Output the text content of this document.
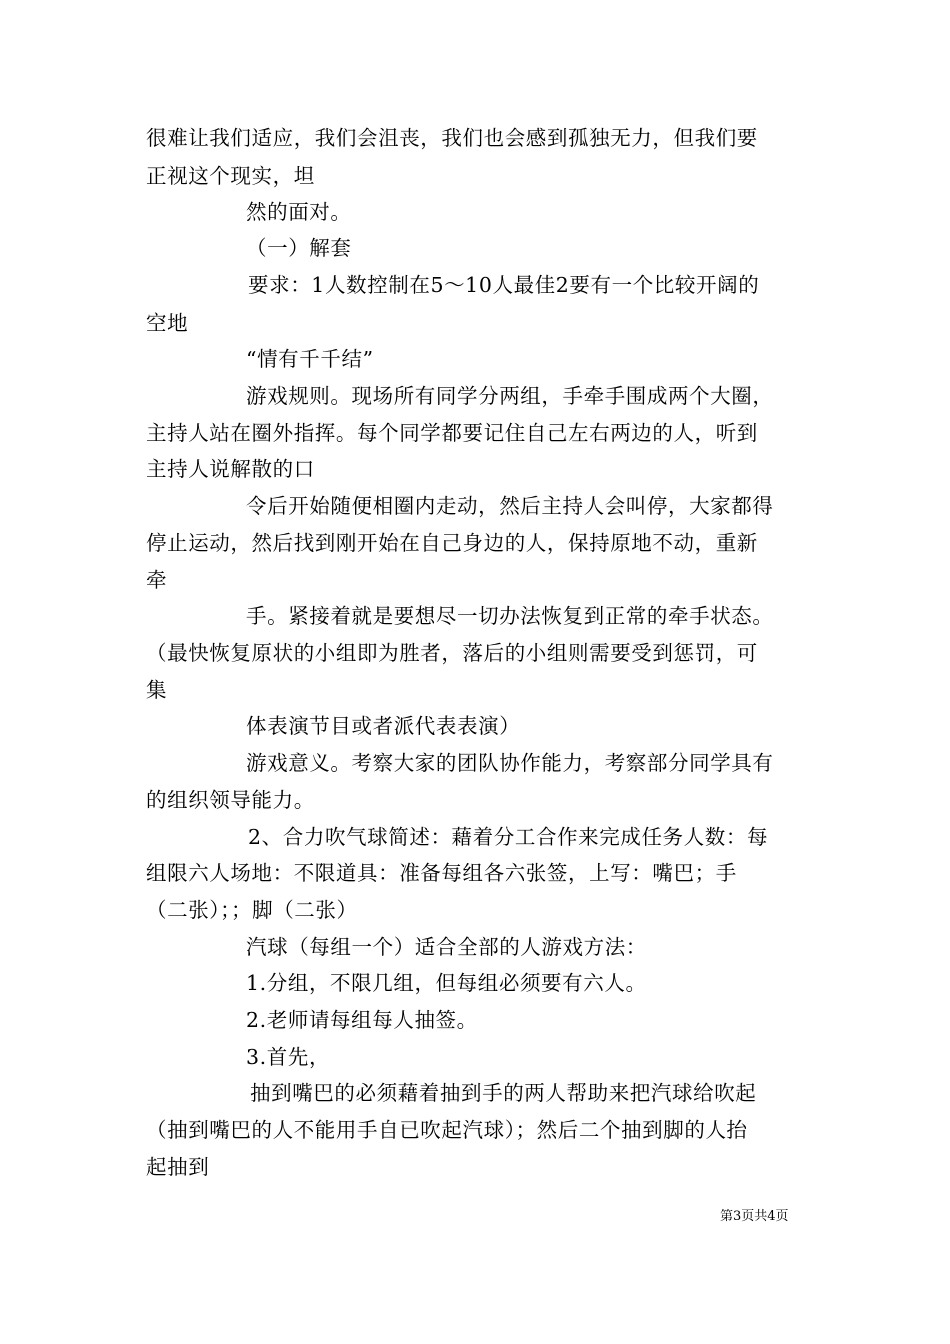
很难让我们适应，我们会沮丧，我们也会感到孤独无力，但我们要
正视这个现实，坦
然的面对。
（一）解套
要求：1人数控制在5～10人最佳2要有一个比较开阔的
空地
“情有千千结”
游戏规则。现场所有同学分两组，手牵手围成两个大圈，
主持人站在圈外指挥。每个同学都要记住自己左右两边的人，听到
主持人说解散的口
令后开始随便相圈内走动，然后主持人会叫停，大家都得
停止运动，然后找到刚开始在自己身边的人，保持原地不动，重新
牵
手。紧接着就是要想尽一切办法恢复到正常的牵手状态。
（最快恢复原状的小组即为胜者，落后的小组则需要受到惩罚，可
集
体表演节目或者派代表表演）
游戏意义。考察大家的团队协作能力，考察部分同学具有
的组织领导能力。
2、合力吹气球简述：藉着分工合作来完成任务人数：每
组限六人场地：不限道具：准备每组各六张签，上写：嘴巴；手
（二张）；；脚（二张）
汽球（每组一个）适合全部的人游戏方法：
1.分组，不限几组，但每组必须要有六人。
2.老师请每组每人抽签。
3.首先，
抽到嘴巴的必须藉着抽到手的两人帮助来把汽球给吹起
（抽到嘴巴的人不能用手自已吹起汽球）；然后二个抽到脚的人抬
起抽到
第3页共4页
